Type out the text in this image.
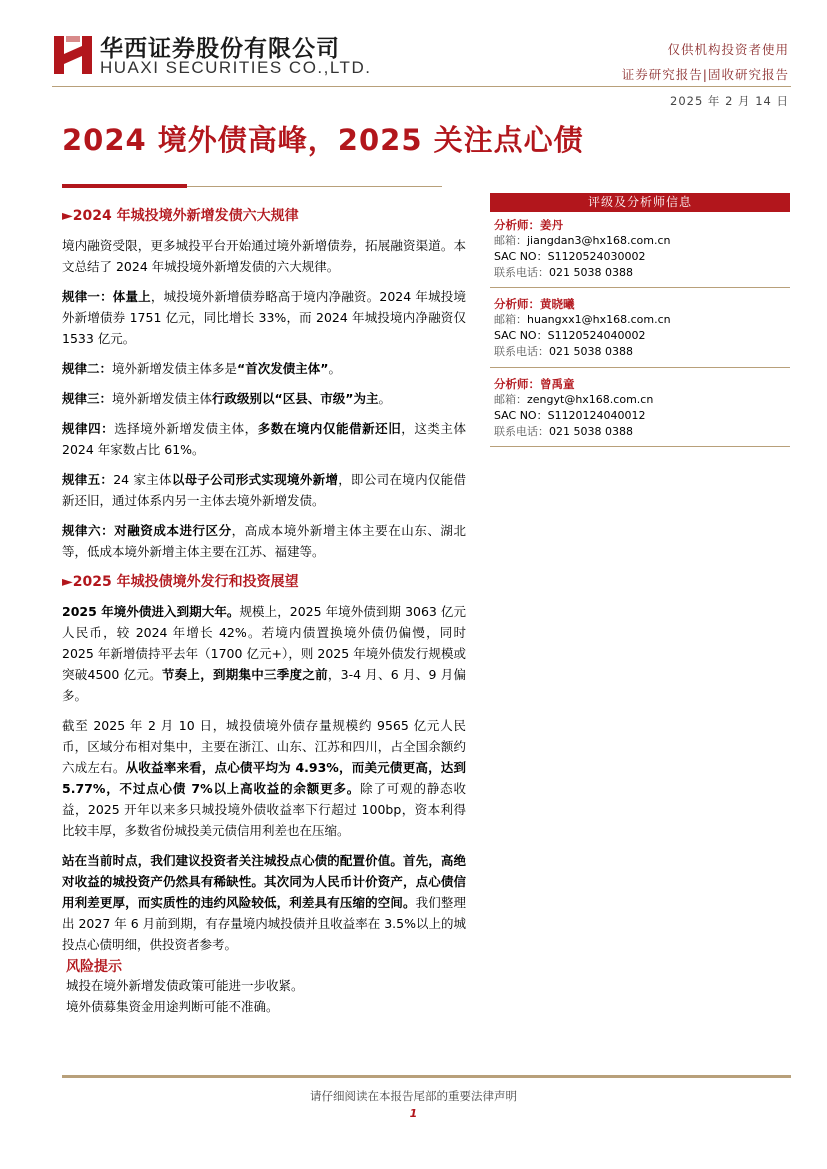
华西证券股份有限公司
HUAXI SECURITIES CO.,LTD.
仅供机构投资者使用
证券研究报告|固收研究报告
2025 年 2 月 14 日
2024 境外债高峰，2025 关注点心债
►2024 年城投境外新增发债六大规律

境内融资受限，更多城投平台开始通过境外新增债券，拓展融资渠道。本文总结了 2024 年城投境外新增发债的六大规律。

规律一：体量上，城投境外新增债券略高于境内净融资。2024 年城投境外新增债券 1751 亿元，同比增长 33%，而 2024 年城投境内净融资仅 1533 亿元。

规律二：境外新增发债主体多是“首次发债主体”。

规律三：境外新增发债主体行政级别以“区县、市级”为主。

规律四：选择境外新增发债主体，多数在境内仅能借新还旧，这类主体 2024 年家数占比 61%。

规律五：24 家主体以母子公司形式实现境外新增，即公司在境内仅能借新还旧，通过体系内另一主体去境外新增发债。

规律六：对融资成本进行区分，高成本境外新增主体主要在山东、湖北等，低成本境外新增主体主要在江苏、福建等。

►2025 年城投债境外发行和投资展望

2025 年境外债进入到期大年。规模上，2025 年境外债到期 3063 亿元人民币，较 2024 年增长 42%。若境内债置换境外债仍偏慢，同时 2025 年新增债持平去年（1700 亿元+），则 2025 年境外债发行规模或突破4500 亿元。节奏上，到期集中三季度之前，3-4 月、6 月、9 月偏多。

截至 2025 年 2 月 10 日，城投债境外债存量规模约 9565 亿元人民币，区域分布相对集中，主要在浙江、山东、江苏和四川，占全国余额约六成左右。从收益率来看，点心债平均为 4.93%，而美元债更高，达到 5.77%，不过点心债 7%以上高收益的余额更多。除了可观的静态收益，2025 开年以来多只城投境外债收益率下行超过 100bp，资本利得比较丰厚，多数省份城投美元债信用利差也在压缩。

站在当前时点，我们建议投资者关注城投点心债的配置价值。首先，高绝对收益的城投资产仍然具有稀缺性。其次同为人民币计价资产，点心债信用利差更厚，而实质性的违约风险较低，利差具有压缩的空间。我们整理出 2027 年 6 月前到期，有存量境内城投债并且收益率在 3.5%以上的城投点心债明细，供投资者参考。

风险提示
城投在境外新增发债政策可能进一步收紧。
境外债募集资金用途判断可能不准确。
评级及分析师信息
分析师：姜丹
邮箱：jiangdan3@hx168.com.cn
SAC NO：S1120524030002
联系电话：021 5038 0388
分析师：黄晓曦
邮箱：huangxx1@hx168.com.cn
SAC NO：S1120524040002
联系电话：021 5038 0388
分析师：曾禹童
邮箱：zengyt@hx168.com.cn
SAC NO：S1120124040012
联系电话：021 5038 0388
请仔细阅读在本报告尾部的重要法律声明
1
